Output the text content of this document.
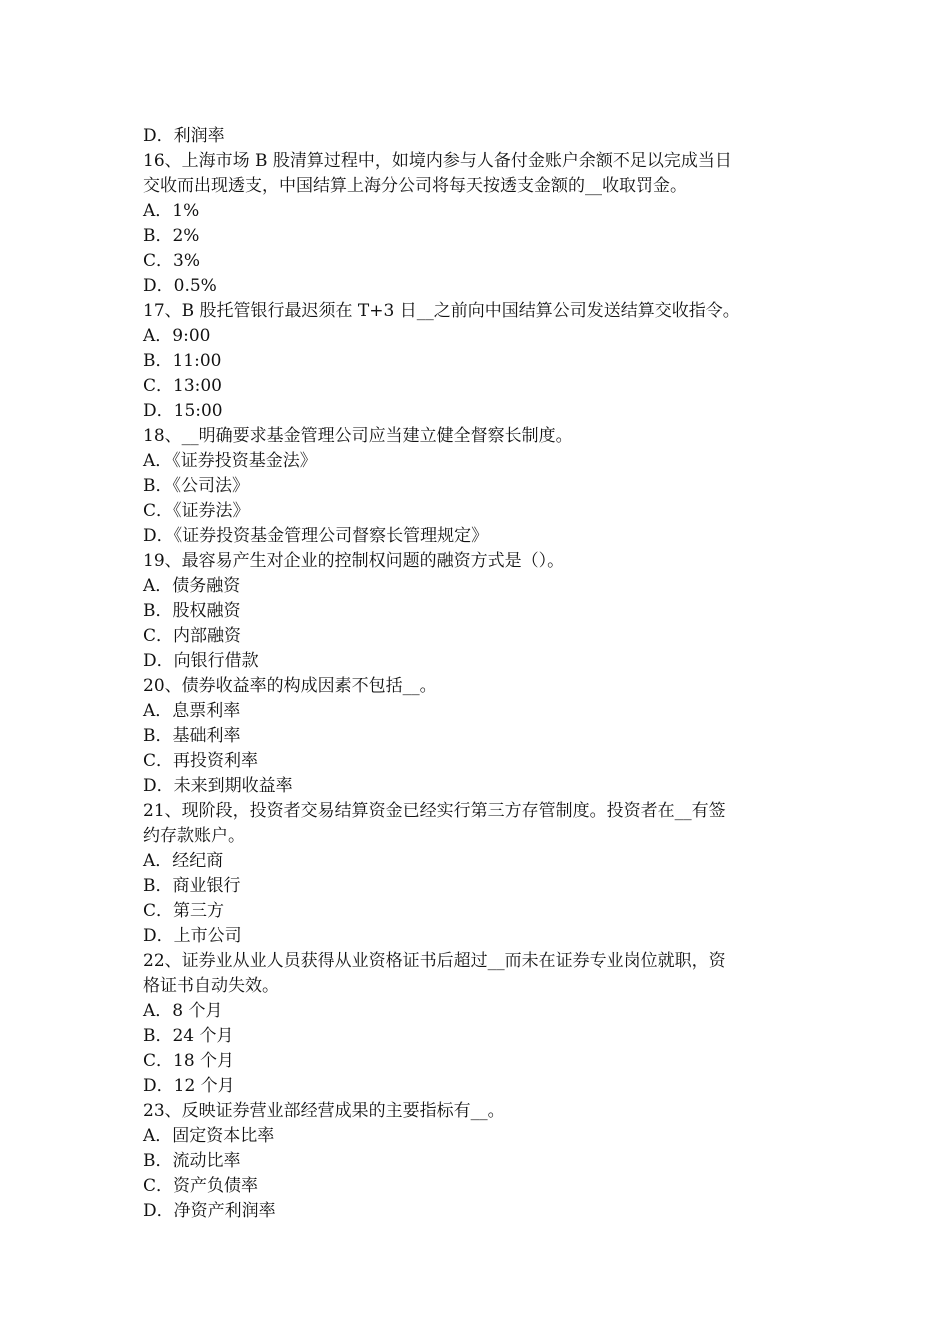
D．利润率
16、上海市场 B 股清算过程中，如境内参与人备付金账户余额不足以完成当日
交收而出现透支，中国结算上海分公司将每天按透支金额的__收取罚金。
A．1%
B．2%
C．3%
D．0.5%
17、B 股托管银行最迟须在 T+3 日__之前向中国结算公司发送结算交收指令。
A．9:00
B．11:00
C．13:00
D．15:00
18、__明确要求基金管理公司应当建立健全督察长制度。
A．《证券投资基金法》
B．《公司法》
C．《证券法》
D．《证券投资基金管理公司督察长管理规定》
19、最容易产生对企业的控制权问题的融资方式是（）。
A．债务融资
B．股权融资
C．内部融资
D．向银行借款
20、债券收益率的构成因素不包括__。
A．息票利率
B．基础利率
C．再投资利率
D．未来到期收益率
21、现阶段，投资者交易结算资金已经实行第三方存管制度。投资者在__有签
约存款账户。
A．经纪商
B．商业银行
C．第三方
D．上市公司
22、证券业从业人员获得从业资格证书后超过__而未在证券专业岗位就职，资
格证书自动失效。
A．8 个月
B．24 个月
C．18 个月
D．12 个月
23、反映证券营业部经营成果的主要指标有__。
A．固定资本比率
B．流动比率
C．资产负债率
D．净资产利润率
